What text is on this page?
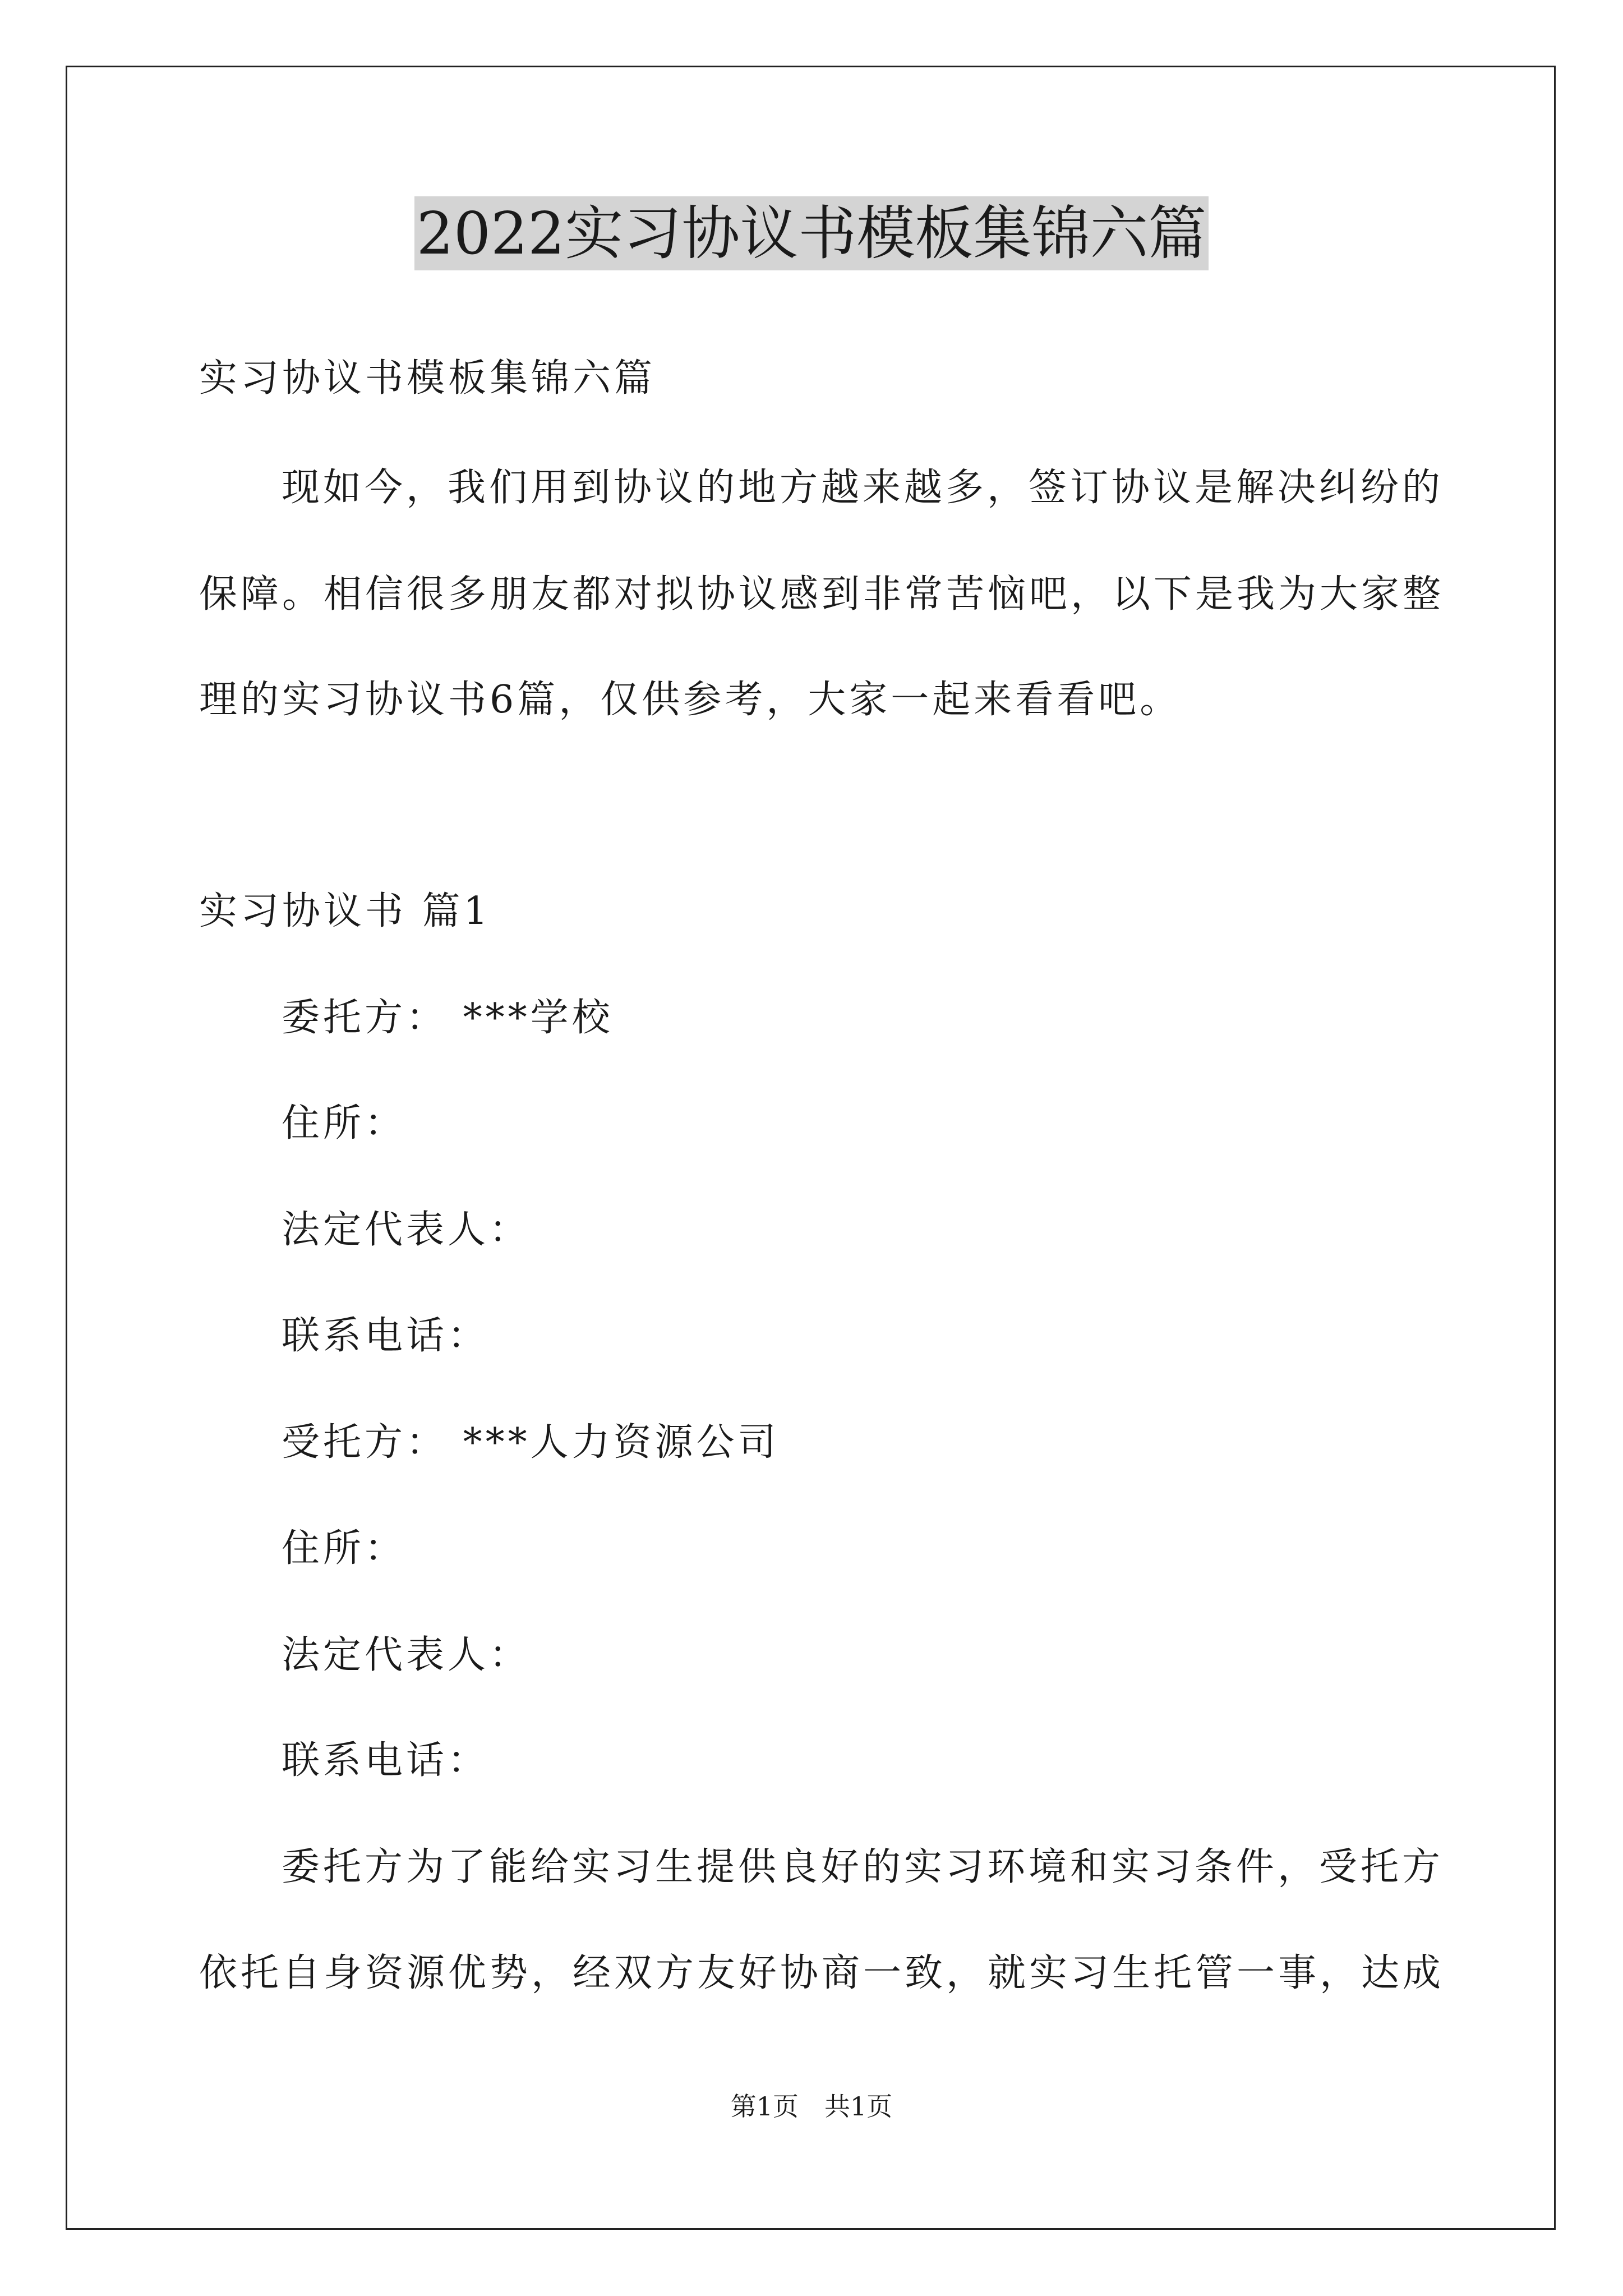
2022实习协议书模板集锦六篇
实习协议书模板集锦六篇
现如今，我们用到协议的地方越来越多，签订协议是解决纠纷的
保障。相信很多朋友都对拟协议感到非常苦恼吧，以下是我为大家整
理的实习协议书6篇，仅供参考，大家一起来看看吧。
实习协议书 篇1
委托方： ***学校
住所：
法定代表人：
联系电话：
受托方： ***人力资源公司
住所：
法定代表人：
联系电话：
委托方为了能给实习生提供良好的实习环境和实习条件，受托方
依托自身资源优势，经双方友好协商一致，就实习生托管一事，达成
第1页　共1页
